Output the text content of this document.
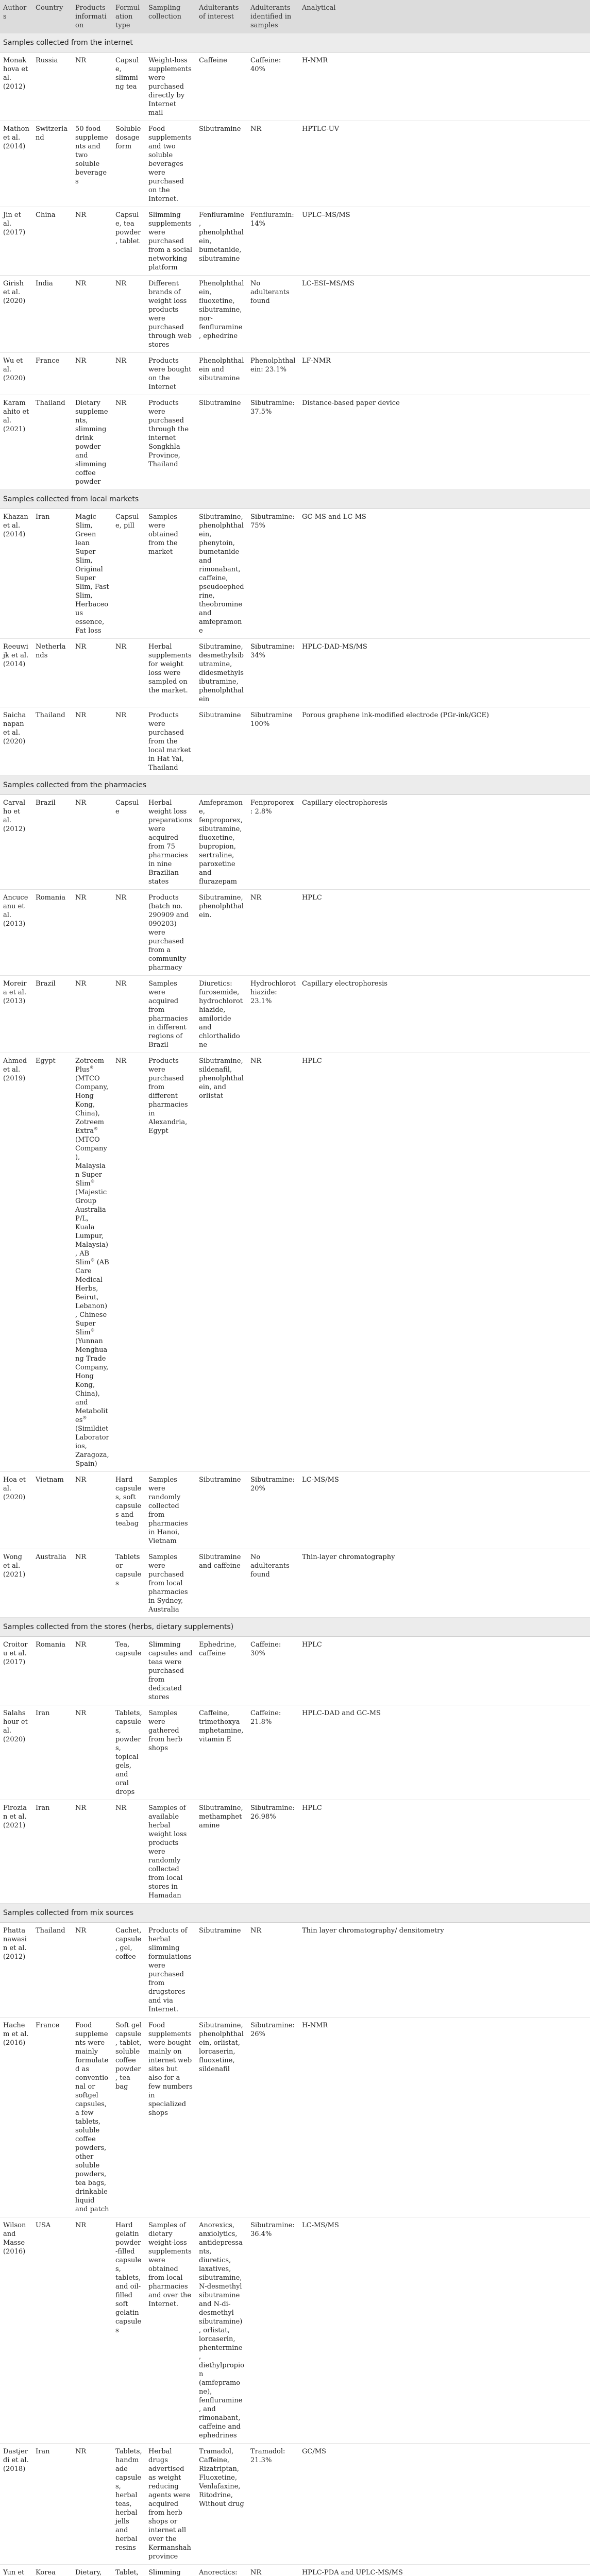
Authors	Country	Products information	Formulation type	Sampling collection	Adulterants of interest	Adulterants identified in samples	Analytical
Samples collected from the internet							
Monakhova et al. (2012)	Russia	NR	Capsule, slimming tea	Weight-loss supplements were purchased directly by Internet mail	Caffeine	Caffeine: 40%	H-NMR
Mathon et al. (2014)	Switzerland	50 food supplements and two soluble beverages	Soluble dosage form	Food supplements and two soluble beverages were purchased on the Internet.	Sibutramine	NR	HPTLC-UV
Jin et al. (2017)	China	NR	Capsule, tea powder, tablet	Slimming supplements were purchased from a social networking platform	Fenfluramine, phenolphthalein, bumetanide, sibutramine	Fenfluramin: 14%	UPLC–MS/MS
Girish et al. (2020)	India	NR	NR	Different brands of weight loss products were purchased through web stores	Phenolphthalein, fluoxetine, sibutramine, nor-fenfluramine, ephedrine	No adulterants found	LC-ESI–MS/MS
Wu et al. (2020)	France	NR	NR	Products were bought on the Internet	Phenolphthalein and sibutramine	Phenolphthalein: 23.1%	LF-NMR
Karamahito et al. (2021)	Thailand	Dietary supplements, slimming drink powder and slimming coffee powder	NR	Products were purchased through the internet Songkhla Province, Thailand	Sibutramine	Sibutramine: 37.5%	Distance-based paper device
Samples collected from local markets							
Khazan et al. (2014)	Iran	Magic Slim, Green lean Super Slim, Original Super Slim, Fast Slim, Herbaceous essence, Fat loss	Capsule, pill	Samples were obtained from the market	Sibutramine, phenolphthalein, phenytoin, bumetanide and rimonabant, caffeine, pseudoephedrine, theobromine and amfepramone	Sibutramine: 75%	GC-MS and LC-MS
Reeuwijk et al. (2014)	Netherlands	NR	NR	Herbal supplements for weight loss were sampled on the market.	Sibutramine, desmethylsibutramine, didesmethylsibutramine, phenolphthalein	Sibutramine: 34%	HPLC-DAD-MS/MS
Saichanapan et al. (2020)	Thailand	NR	NR	Products were purchased from the local market in Hat Yai, Thailand	Sibutramine	Sibutramine 100%	Porous graphene ink-modified electrode (PGr-ink/GCE)
Samples collected from the pharmacies							
Carvalho et al. (2012)	Brazil	NR	Capsule	Herbal weight loss preparations were acquired from 75 pharmacies in nine Brazilian states	Amfepramone, fenproporex, sibutramine, fluoxetine, bupropion, sertraline, paroxetine and flurazepam	Fenproporex: 2.8%	Capillary electrophoresis
Ancuceanu et al. (2013)	Romania	NR	NR	Products (batch no. 290909 and 090203) were purchased from a community pharmacy	Sibutramine, phenolphthalein.	NR	HPLC
Moreira et al. (2013)	Brazil	NR	NR	Samples were acquired from pharmacies in different regions of Brazil	Diuretics: furosemide, hydrochlorothiazide, amiloride and chlorthalidone	Hydrochlorothiazide: 23.1%	Capillary electrophoresis
Ahmed et al. (2019)	Egypt	Zotreem Plus® (MTCO Company, Hong Kong, China), Zotreem Extra® (MTCO Company), Malaysian Super Slim® (Majestic Group Australia P/L, Kuala Lumpur, Malaysia), AB Slim® (AB Care Medical Herbs, Beirut, Lebanon), Chinese Super Slim® (Yunnan Menghuang Trade Company, Hong Kong, China), and Metabolites® (Simildiet Laboratorios, Zaragoza, Spain)	NR	Products were purchased from different pharmacies in Alexandria, Egypt	Sibutramine, sildenafil, phenolphthalein, and orlistat	NR	HPLC
Hoa et al. (2020)	Vietnam	NR	Hard capsules, soft capsules and teabag	Samples were randomly collected from pharmacies in Hanoi, Vietnam	Sibutramine	Sibutramine: 20%	LC-MS/MS
Wong et al. (2021)	Australia	NR	Tablets or capsules	Samples were purchased from local pharmacies in Sydney, Australia	Sibutramine and caffeine	No adulterants found	Thin-layer chromatography
Samples collected from the stores (herbs, dietary supplements)							
Croitoru et al. (2017)	Romania	NR	Tea, capsule	Slimming capsules and teas were purchased from dedicated stores	Ephedrine, caffeine	Caffeine: 30%	HPLC
Salahshour et al. (2020)	Iran	NR	Tablets, capsules, powders, topical gels, and oral drops	Samples were gathered from herb shops	Caffeine, trimethoxyamphetamine, vitamin E	Caffeine: 21.8%	HPLC-DAD and GC-MS
Firozian et al. (2021)	Iran	NR	NR	Samples of available herbal weight loss products were randomly collected from local stores in Hamadan	Sibutramine, methamphetamine	Sibutramine: 26.98%	HPLC
Samples collected from mix sources							
Phattanawasin et al. (2012)	Thailand	NR	Cachet, capsule, gel, coffee	Products of herbal slimming formulations were purchased from drugstores and via Internet.	Sibutramine	NR	Thin layer chromatography/ densitometry
Hachem et al. (2016)	France	Food supplements were mainly formulated as conventional or softgel capsules, a few tablets, soluble coffee powders, other soluble powders, tea bags, drinkable liquid and patch	Soft gel capsule, tablet, soluble coffee powder, tea bag	Food supplements were bought mainly on internet web sites but also for a few numbers in specialized shops	Sibutramine, phenolphthalein, orlistat, lorcaserin, fluoxetine, sildenafil	Sibutramine: 26%	H-NMR
Wilson and Masse (2016)	USA	NR	Hard gelatin powder-filled capsules, tablets, and oil-filled soft gelatin capsules	Samples of dietary weight-loss supplements were obtained from local pharmacies and over the Internet.	Anorexics, anxiolytics, antidepressants, diuretics, laxatives, sibutramine, N-desmethyl sibutramine and N-di-desmethyl sibutramine), orlistat, lorcaserin, phentermine, diethylpropion (amfepramone), fenfluramine, and rimonabant, caffeine and ephedrines	Sibutramine: 36.4%	LC-MS/MS
Dastjerdi et al. (2018)	Iran	NR	Tablets, handmade capsules, herbal teas, herbal jells and herbal resins	Herbal drugs advertised as weight reducing agents were acquired from herb shops or internet all over the Kermanshah province	Tramadol, Caffeine, Rizatriptan, Fluoxetine, Venlafaxine, Ritodrine, Without drug	Tramadol: 21.3%	GC/MS
Yun et	Korea	Dietary,	Tablet,	Slimming	Anorectics:	NR	HPLC-PDA and UPLC-MS/MS
